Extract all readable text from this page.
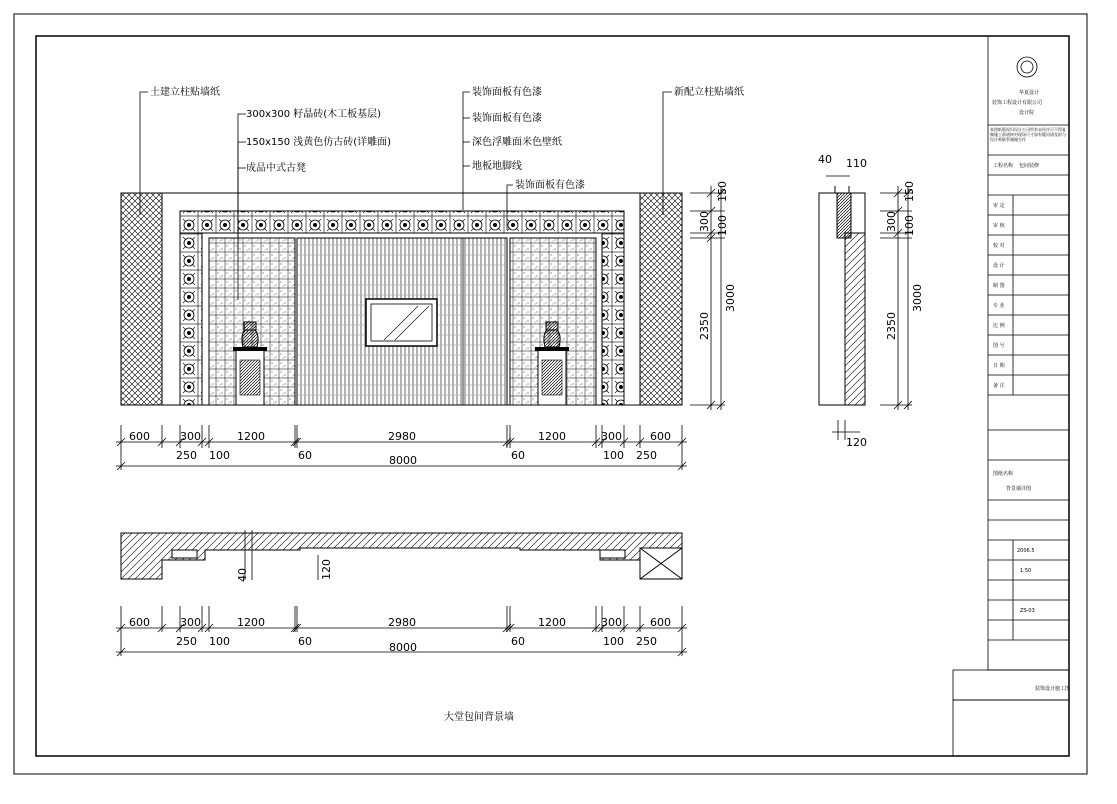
土建立柱贴墙纸
300x300 籽晶砖(木工板基层)
150x150 浅黄色仿古砖(详雕面)
成品中式古凳
装饰面板有色漆
装饰面板有色漆
深色浮雕面米色壁纸
地板地脚线
装饰面板有色漆
新配立柱贴墙纸
150
300 100
2350
3000
600	300	1200	2980	1200	300	600
250 100	60	60	100 250
8000
40 110
120
150
300 100
2350
3000
40	120
600	300	1200	2980	1200	300	600
250 100	60	60	100 250
8000
大堂包间背景墙
华夏设计
装饰工程设计有限公司
设计院
本图纸版权归设计公司所有未经许可不得复制施工前请核对现场尺寸如有疑问请及时与设计师联系谢谢合作
工程名称 包间装修
审 定
审 核
校 对
设 计
制 图
专 业
比 例
图 号
日 期
备 注
图纸名称
背景墙详图
2006.5
1:50
ZS-03
装饰设计施工图
